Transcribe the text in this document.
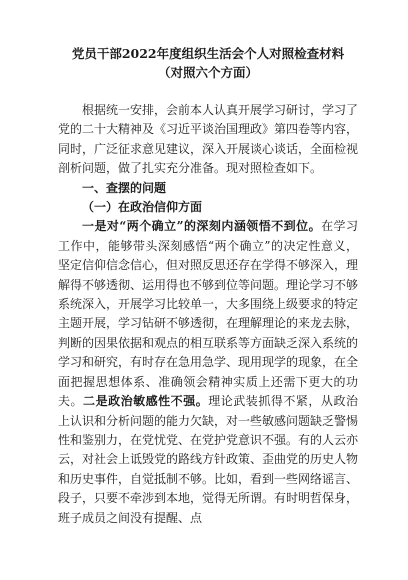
党员干部2022年度组织生活会个人对照检查材料

（对照六个方面）

根据统一安排，会前本人认真开展学习研讨，学习了党的二十大精神及《习近平谈治国理政》第四卷等内容，同时，广泛征求意见建议，深入开展谈心谈话，全面检视剖析问题，做了扎实充分准备。现对照检查如下。

一、查摆的问题

（一）在政治信仰方面

一是对“两个确立”的深刻内涵领悟不到位。在学习工作中，能够带头深刻感悟“两个确立”的决定性意义，坚定信仰信念信心，但对照反思还存在学得不够深入，理解得不够透彻、运用得也不够到位等问题。理论学习不够系统深入，开展学习比较单一，大多围绕上级要求的特定主题开展，学习钻研不够透彻，在理解理论的来龙去脉，判断的因果依据和观点的相互联系等方面缺乏深入系统的学习和研究，有时存在急用急学、现用现学的现象，在全面把握思想体系、准确领会精神实质上还需下更大的功夫。二是政治敏感性不强。理论武装抓得不紧，从政治上认识和分析问题的能力欠缺，对一些敏感问题缺乏警惕性和鉴别力，在党忧党、在党护党意识不强。有的人云亦云，对社会上诋毁党的路线方针政策、歪曲党的历史人物和历史事件，自觉抵制不够。比如，看到一些网络谣言、段子，只要不牵涉到本地，觉得无所谓。有时明哲保身，班子成员之间没有提醒、点
